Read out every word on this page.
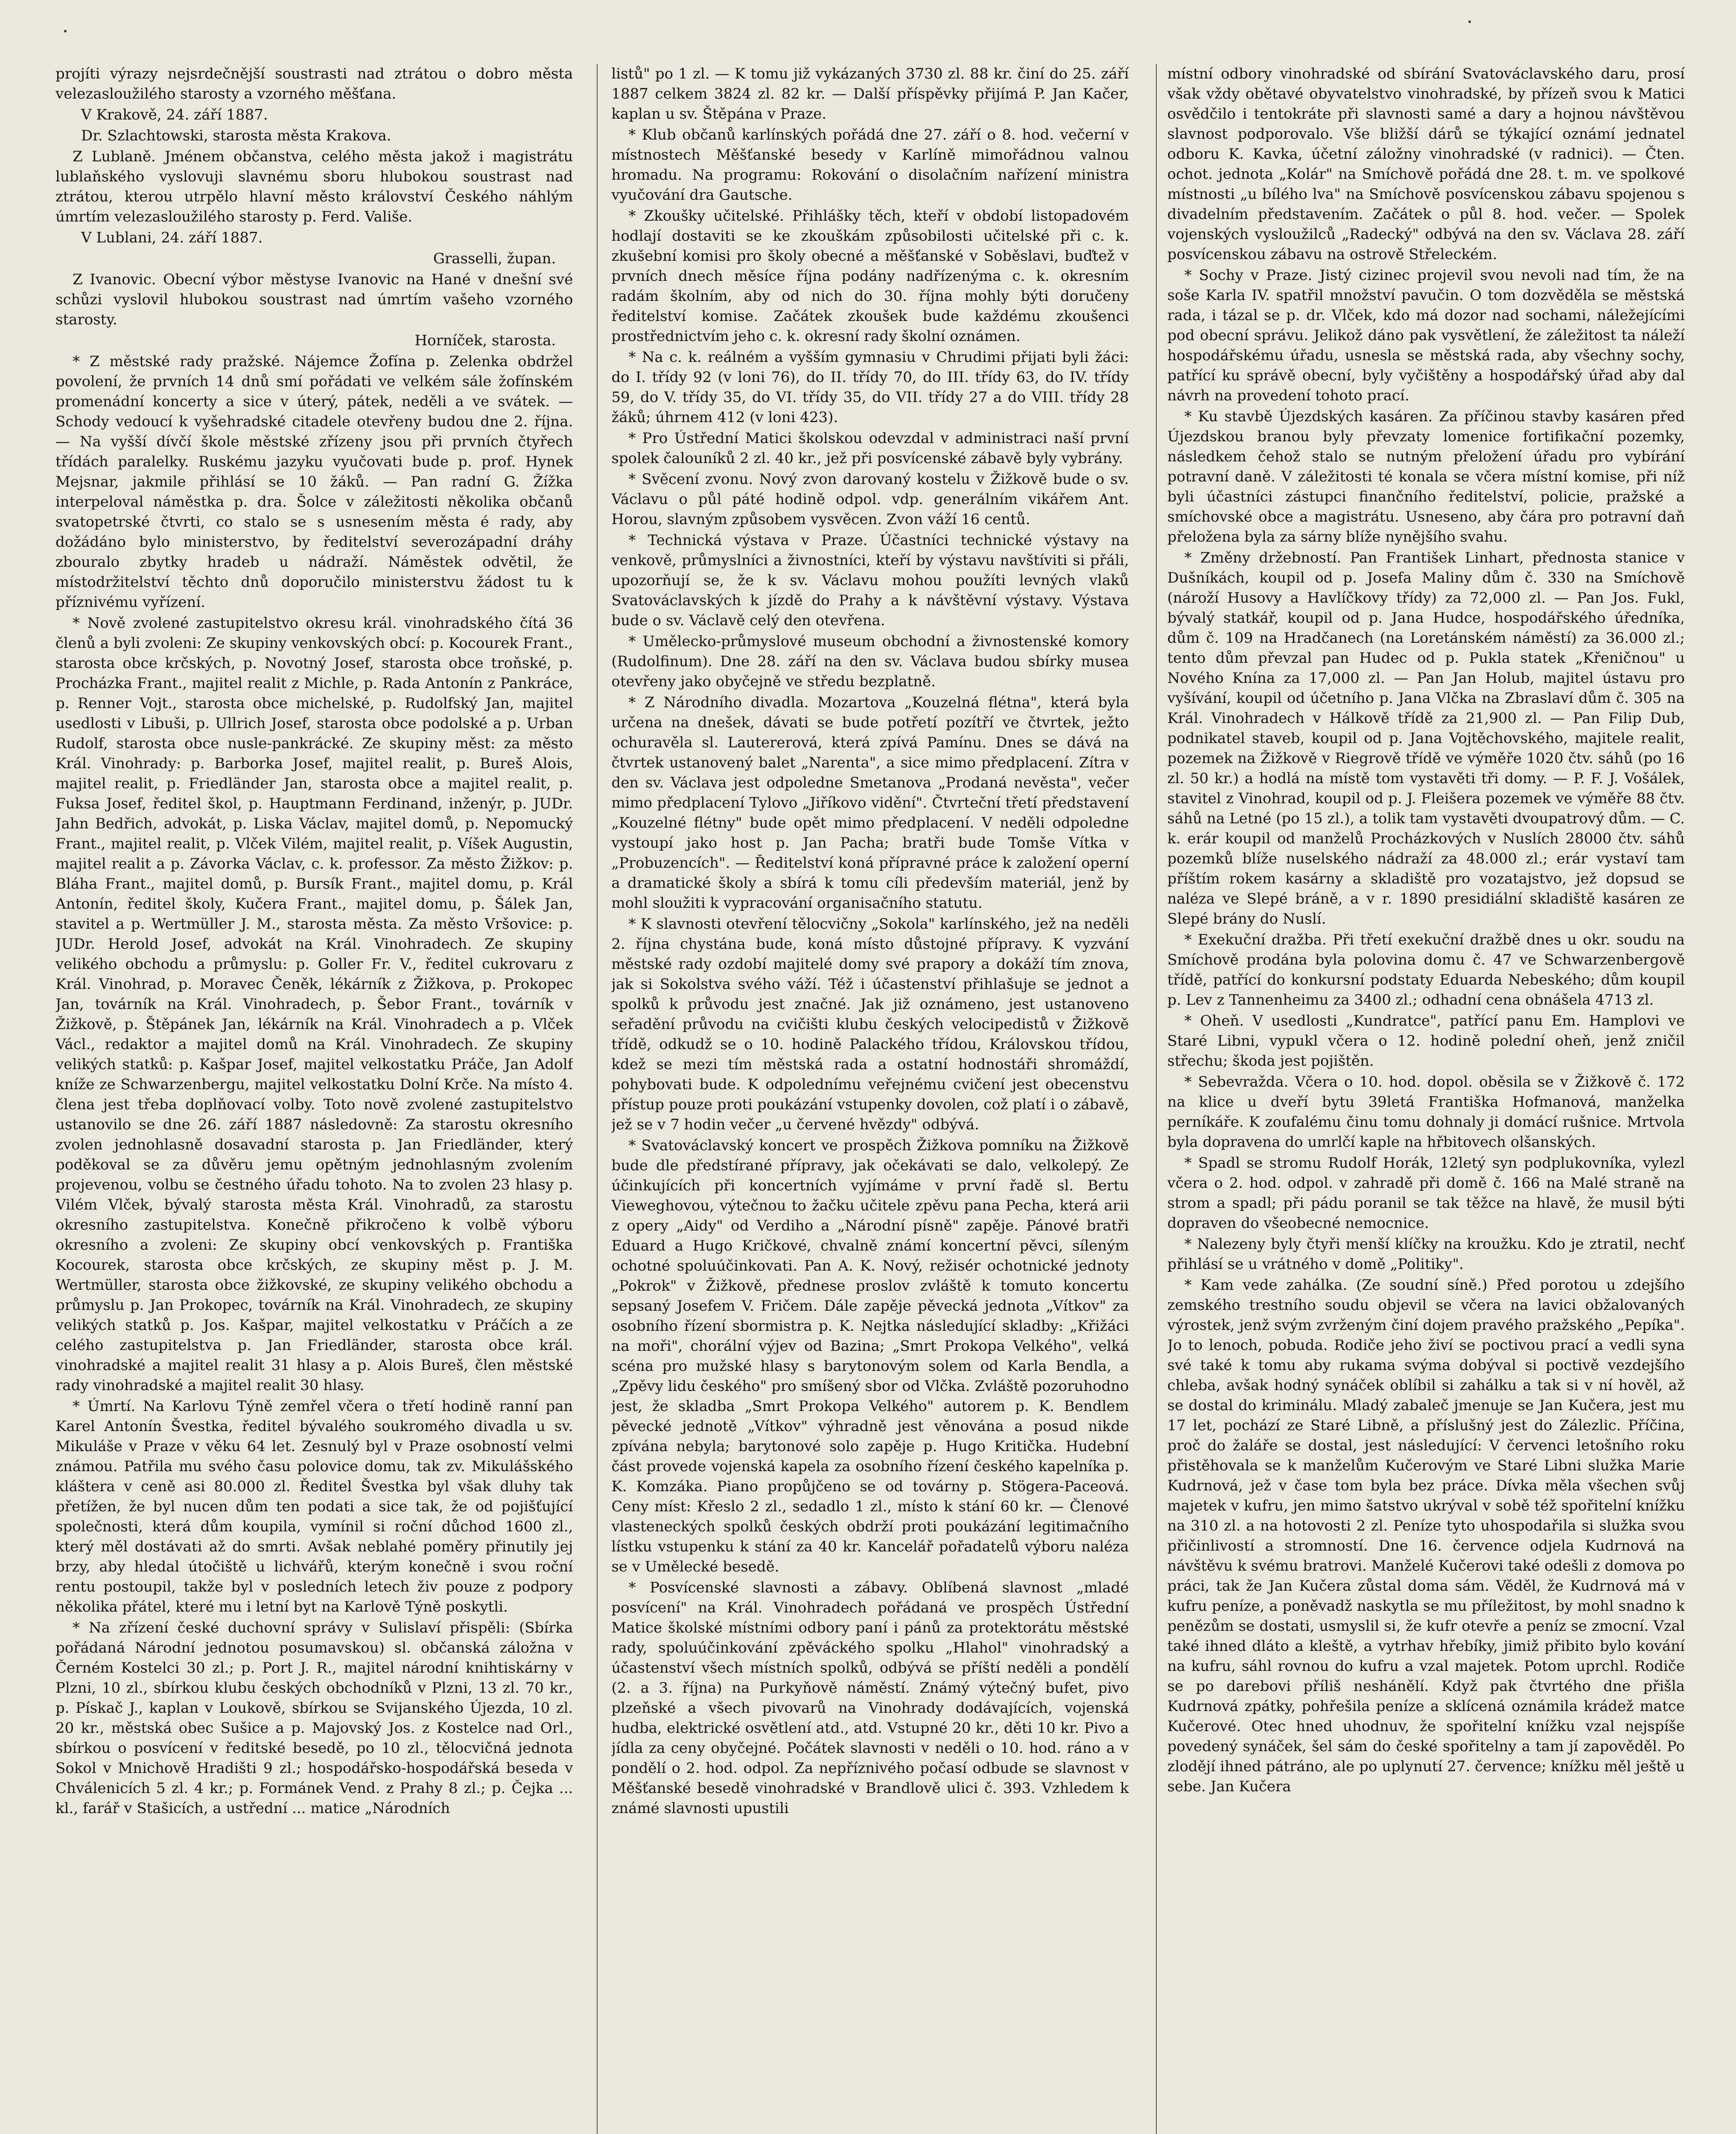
projíti výrazy nejsrdečnější soustrasti nad ztrátou o dobro města velezasloužilého starosty a vzorného měšťana.

V Krakově, 24. září 1887.

Dr. Szlachtowski, starosta města Krakova.

Z Lublaně. Jménem občanstva, celého města jakož i magistrátu lublaňského vyslovuji slavnému sboru hlubokou soustrast nad ztrátou, kterou utrpělo hlavní město království Českého náhlým úmrtím velezasloužilého starosty p. Ferd. Vališe.

V Lublani, 24. září 1887.

Grasselli, župan.

Z Ivanovic. Obecní výbor městyse Ivanovic na Hané v dnešní své schůzi vyslovil hlubokou soustrast nad úmrtím vašeho vzorného starosty.

Horníček, starosta.

* Z městské rady pražské. Nájemce Žofína p. Zelenka obdržel povolení, že prvních 14 dnů smí pořádati ve velkém sále žofínském promenádní koncerty a sice v úterý, pátek, neděli a ve svátek. — Schody vedoucí k vyšehradské citadele otevřeny budou dne 2. října. — Na vyšší dívčí škole městské zřízeny jsou při prvních čtyřech třídách paralelky. Ruskému jazyku vyučovati bude p. prof. Hynek Mejsnar, jakmile přihlásí se 10 žáků. — Pan radní G. Žížka interpeloval náměstka p. dra. Šolce v záležitosti několika občanů svatopetrské čtvrti, co stalo se s usnesením města é rady, aby dožádáno bylo ministerstvo, by ředitelství severozápadní dráhy zbouralo zbytky hradeb u nádraží. Náměstek odvětil, že místodržitelství těchto dnů doporučilo ministerstvu žádost tu k příznivému vyřízení.

* Nově zvolené zastupitelstvo okresu král. vinohradského čítá 36 členů a byli zvoleni: Ze skupiny venkovských obcí: p. Kocourek Frant., starosta obce krčských, p. Novotný Josef, starosta obce troňské, p. Procházka Frant., majitel realit z Michle, p. Rada Antonín z Pankráce, p. Renner Vojt., starosta obce michelské, p. Rudolfský Jan, majitel usedlosti v Libuši, p. Ullrich Josef, starosta obce podolské a p. Urban Rudolf, starosta obce nusle-pankrácké. Ze skupiny měst: za město Král. Vinohrady: p. Barborka Josef, majitel realit, p. Bureš Alois, majitel realit, p. Friedländer Jan, starosta obce a majitel realit, p. Fuksa Josef, ředitel škol, p. Hauptmann Ferdinand, inženýr, p. JUDr. Jahn Bedřich, advokát, p. Liska Václav, majitel domů, p. Nepomucký Frant., majitel realit, p. Vlček Vilém, majitel realit, p. Víšek Augustin, majitel realit a p. Závorka Václav, c. k. professor. Za město Žižkov: p. Bláha Frant., majitel domů, p. Bursík Frant., majitel domu, p. Král Antonín, ředitel školy, Kučera Frant., majitel domu, p. Šálek Jan, stavitel a p. Wertmüller J. M., starosta města. Za město Vršovice: p. JUDr. Herold Josef, advokát na Král. Vinohradech. Ze skupiny velikého obchodu a průmyslu: p. Goller Fr. V., ředitel cukrovaru z Král. Vinohrad, p. Moravec Čeněk, lékárník z Žižkova, p. Prokopec Jan, továrník na Král. Vinohradech, p. Šebor Frant., továrník v Žižkově, p. Štěpánek Jan, lékárník na Král. Vinohradech a p. Vlček Václ., redaktor a majitel domů na Král. Vinohradech. Ze skupiny velikých statků: p. Kašpar Josef, majitel velkostatku Práče, Jan Adolf kníže ze Schwarzenbergu, majitel velkostatku Dolní Krče. Na místo 4. člena jest třeba doplňovací volby. Toto nově zvolené zastupitelstvo ustanovilo se dne 26. září 1887 následovně: Za starostu okresního zvolen jednohlasně dosavadní starosta p. Jan Friedländer, který poděkoval se za důvěru jemu opětným jednohlasným zvolením projevenou, volbu se čestného úřadu tohoto. Na to zvolen 23 hlasy p. Vilém Vlček, bývalý starosta města Král. Vinohradů, za starostu okresního zastupitelstva. Konečně přikročeno k volbě výboru okresního a zvoleni: Ze skupiny obcí venkovských p. Františka Kocourek, starosta obce krčských, ze skupiny měst p. J. M. Wertmüller, starosta obce žižkovské, ze skupiny velikého obchodu a průmyslu p. Jan Prokopec, továrník na Král. Vinohradech, ze skupiny velikých statků p. Jos. Kašpar, majitel velkostatku v Práčích a ze celého zastupitelstva p. Jan Friedländer, starosta obce král. vinohradské a majitel realit 31 hlasy a p. Alois Bureš, člen městské rady vinohradské a majitel realit 30 hlasy.

* Úmrtí. Na Karlovu Týně zemřel včera o třetí hodině ranní pan Karel Antonín Švestka, ředitel bývalého soukromého divadla u sv. Mikuláše v Praze v věku 64 let. Zesnulý byl v Praze osobností velmi známou. Patřila mu svého času polovice domu, tak zv. Mikulášského kláštera v ceně asi 80.000 zl. Ředitel Švestka byl však dluhy tak přetížen, že byl nucen dům ten podati a sice tak, že od pojišťující společnosti, která dům koupila, vymínil si roční důchod 1600 zl., který měl dostávati až do smrti. Avšak neblahé poměry přinutily jej brzy, aby hledal útočiště u lichvářů, kterým konečně i svou roční rentu postoupil, takže byl v posledních letech živ pouze z podpory několika přátel, které mu i letní byt na Karlově Týně poskytli.

* Na zřízení české duchovní správy v Sulislaví přispěli: (Sbírka pořádaná Národní jednotou posumavskou) sl. občanská záložna v Černém Kostelci 30 zl.; p. Port J. R., majitel národní knihtiskárny v Plzni, 10 zl., sbírkou klubu českých obchodníků v Plzni, 13 zl. 70 kr., p. Pískač J., kaplan v Loukově, sbírkou se Svijanského Újezda, 10 zl. 20 kr., městská obec Sušice a p. Majovský Jos. z Kostelce nad Orl., sbírkou o posvícení v ředitské besedě, po 10 zl., tělocvičná jednota Sokol v Mnichově Hradišti 9 zl.; hospodářsko-hospodářská beseda v Chválenicích 5 zl. 4 kr.; p. Formánek Vend. z Prahy 8 zl.; p. Čejka ... kl., farář v Stašicích, a ustřední ... matice „Národních

listů" po 1 zl. — K tomu již vykázaných 3730 zl. 88 kr. činí do 25. září 1887 celkem 3824 zl. 82 kr. — Další příspěvky přijímá P. Jan Kačer, kaplan u sv. Štěpána v Praze.

* Klub občanů karlínských pořádá dne 27. září o 8. hod. večerní v místnostech Měšťanské besedy v Karlíně mimořádnou valnou hromadu. Na programu: Rokování o disolačním nařízení ministra vyučování dra Gautsche.

* Zkoušky učitelské. Přihlášky těch, kteří v období listopadovém hodlají dostaviti se ke zkouškám způsobilosti učitelské při c. k. zkušební komisi pro školy obecné a měšťanské v Soběslavi, buďtež v prvních dnech měsíce října podány nadřízenýma c. k. okresním radám školním, aby od nich do 30. října mohly býti doručeny ředitelství komise. Začátek zkoušek bude každému zkoušenci prostřednictvím jeho c. k. okresní rady školní oznámen.

* Na c. k. reálném a vyšším gymnasiu v Chrudimi přijati byli žáci: do I. třídy 92 (v loni 76), do II. třídy 70, do III. třídy 63, do IV. třídy 59, do V. třídy 35, do VI. třídy 35, do VII. třídy 27 a do VIII. třídy 28 žáků; úhrnem 412 (v loni 423).

* Pro Ústřední Matici školskou odevzdal v administraci naší první spolek čalouníků 2 zl. 40 kr., jež při posvícenské zábavě byly vybrány.

* Svěcení zvonu. Nový zvon darovaný kostelu v Žižkově bude o sv. Václavu o půl páté hodině odpol. vdp. generálním vikářem Ant. Horou, slavným způsobem vysvěcen. Zvon váží 16 centů.

* Technická výstava v Praze. Účastníci technické výstavy na venkově, průmyslníci a živnostníci, kteří by výstavu navštíviti si přáli, upozorňují se, že k sv. Václavu mohou použíti levných vlaků Svatováclavských k jízdě do Prahy a k návštěvní výstavy. Výstava bude o sv. Václavě celý den otevřena.

* Umělecko-průmyslové museum obchodní a živnostenské komory (Rudolfinum). Dne 28. září na den sv. Václava budou sbírky musea otevřeny jako obyčejně ve středu bezplatně.

* Z Národního divadla. Mozartova „Kouzelná flétna", která byla určena na dnešek, dávati se bude potřetí pozítří ve čtvrtek, ježto ochuravěla sl. Lautererová, která zpívá Pamínu. Dnes se dává na čtvrtek ustanovený balet „Narenta", a sice mimo předplacení. Zítra v den sv. Václava jest odpoledne Smetanova „Prodaná nevěsta", večer mimo předplacení Tylovo „Jiříkovo vidění". Čtvrteční třetí představení „Kouzelné flétny" bude opět mimo předplacení. V neděli odpoledne vystoupí jako host p. Jan Pacha; bratři bude Tomše Vítka v „Probuzencích". — Ředitelství koná přípravné práce k založení operní a dramatické školy a sbírá k tomu cíli především materiál, jenž by mohl sloužiti k vypracování organisačního statutu.

* K slavnosti otevření tělocvičny „Sokola" karlínského, jež na neděli 2. října chystána bude, koná místo důstojné přípravy. K vyzvání městské rady ozdobí majitelé domy své prapory a dokáží tím znova, jak si Sokolstva svého váží. Též i účastenství přihlašuje se jednot a spolků k průvodu jest značné. Jak již oznámeno, jest ustanoveno seřadění průvodu na cvičišti klubu českých velocipedistů v Žižkově třídě, odkudž se o 10. hodině Palackého třídou, Královskou třídou, kdež se mezi tím městská rada a ostatní hodnostáři shromáždí, pohybovati bude. K odpolednímu veřejnému cvičení jest obecenstvu přístup pouze proti poukázání vstupenky dovolen, což platí i o zábavě, jež se v 7 hodin večer „u červené hvězdy" odbývá.

* Svatováclavský koncert ve prospěch Žižkova pomníku na Žižkově bude dle předstírané přípravy, jak očekávati se dalo, velkolepý. Ze účinkujících při koncertních vyjímáme v první řadě sl. Bertu Vieweghovou, výtečnou to žačku učitele zpěvu pana Pecha, která arii z opery „Aidy" od Verdiho a „Národní písně" zapěje. Pánové bratři Eduard a Hugo Kričkové, chvalně známí koncertní pěvci, síleným ochotné spoluúčinkovati. Pan A. K. Nový, režisér ochotnické jednoty „Pokrok" v Žižkově, přednese proslov zvláště k tomuto koncertu sepsaný Josefem V. Fričem. Dále zapěje pěvecká jednota „Vítkov" za osobního řízení sbormistra p. K. Nejtka následující skladby: „Křižáci na moři", chorální výjev od Bazina; „Smrt Prokopa Velkého", velká scéna pro mužské hlasy s barytonovým solem od Karla Bendla, a „Zpěvy lidu českého" pro smíšený sbor od Vlčka. Zvláště pozoruhodno jest, že skladba „Smrt Prokopa Velkého" autorem p. K. Bendlem pěvecké jednotě „Vítkov" výhradně jest věnována a posud nikde zpívána nebyla; barytonové solo zapěje p. Hugo Kritička. Hudební část provede vojenská kapela za osobního řízení českého kapelníka p. K. Komzáka. Piano propůjčeno se od továrny p. Stögera-Paceová. Ceny míst: Křeslo 2 zl., sedadlo 1 zl., místo k stání 60 kr. — Členové vlasteneckých spolků českých obdrží proti poukázání legitimačního lístku vstupenku k stání za 40 kr. Kancelář pořadatelů výboru naléza se v Umělecké besedě.

* Posvícenské slavnosti a zábavy. Oblíbená slavnost „mladé posvícení" na Král. Vinohradech pořádaná ve prospěch Ústřední Matice školské místními odbory paní i pánů za protektorátu městské rady, spoluúčinkování zpěváckého spolku „Hlahol" vinohradský a účastenství všech místních spolků, odbývá se příští neděli a pondělí (2. a 3. října) na Purkyňově náměstí. Známý výtečný bufet, pivo plzeňské a všech pivovarů na Vinohrady dodávajících, vojenská hudba, elektrické osvětlení atd., atd. Vstupné 20 kr., děti 10 kr. Pivo a jídla za ceny obyčejné. Počátek slavnosti v neděli o 10. hod. ráno a v pondělí o 2. hod. odpol. Za nepříznivého počasí odbude se slavnost v Měšťanské besedě vinohradské v Brandlově ulici č. 393. Vzhledem k známé slavnosti upustili

místní odbory vinohradské od sbírání Svatováclavského daru, prosí však vždy obětavé obyvatelstvo vinohradské, by přízeň svou k Matici osvědčilo i tentokráte při slavnosti samé a dary a hojnou návštěvou slavnost podporovalo. Vše bližší dárů se týkající oznámí jednatel odboru K. Kavka, účetní záložny vinohradské (v radnici). — Čten. ochot. jednota „Kolár" na Smíchově pořádá dne 28. t. m. ve spolkové místnosti „u bílého lva" na Smíchově posvícenskou zábavu spojenou s divadelním představením. Začátek o půl 8. hod. večer. — Spolek vojenských vysloužilců „Radecký" odbývá na den sv. Václava 28. září posvícenskou zábavu na ostrově Střeleckém.

* Sochy v Praze. Jistý cizinec projevil svou nevoli nad tím, že na soše Karla IV. spatřil množství pavučin. O tom dozvěděla se městská rada, i tázal se p. dr. Vlček, kdo má dozor nad sochami, náležejícími pod obecní správu. Jelikož dáno pak vysvětlení, že záležitost ta náleží hospodářskému úřadu, usnesla se městská rada, aby všechny sochy, patřící ku správě obecní, byly vyčištěny a hospodářský úřad aby dal návrh na provedení tohoto prací.

* Ku stavbě Újezdských kasáren. Za příčinou stavby kasáren před Újezdskou branou byly převzaty lomenice fortifikační pozemky, následkem čehož stalo se nutným přeložení úřadu pro vybírání potravní daně. V záležitosti té konala se včera místní komise, při níž byli účastníci zástupci finančního ředitelství, policie, pražské a smíchovské obce a magistrátu. Usneseno, aby čára pro potravní daň přeložena byla za sárny blíže nynějšího svahu.

* Změny držebností. Pan František Linhart, přednosta stanice v Dušníkách, koupil od p. Josefa Maliny dům č. 330 na Smíchově (nároží Husovy a Havlíčkovy třídy) za 72,000 zl. — Pan Jos. Fukl, bývalý statkář, koupil od p. Jana Hudce, hospodářského úředníka, dům č. 109 na Hradčanech (na Loretánském náměstí) za 36.000 zl.; tento dům převzal pan Hudec od p. Pukla statek „Křeničnou" u Nového Knína za 17,000 zl. — Pan Jan Holub, majitel ústavu pro vyšívání, koupil od účetního p. Jana Vlčka na Zbraslaví dům č. 305 na Král. Vinohradech v Hálkově třídě za 21,900 zl. — Pan Filip Dub, podnikatel staveb, koupil od p. Jana Vojtěchovského, majitele realit, pozemek na Žižkově v Riegrově třídě ve výměře 1020 čtv. sáhů (po 16 zl. 50 kr.) a hodlá na místě tom vystavěti tři domy. — P. F. J. Vošálek, stavitel z Vinohrad, koupil od p. J. Fleišera pozemek ve výměře 88 čtv. sáhů na Letné (po 15 zl.), a tolik tam vystavěti dvoupatrový dům. — C. k. erár koupil od manželů Procházkových v Nuslích 28000 čtv. sáhů pozemků blíže nuselského nádraží za 48.000 zl.; erár vystaví tam příštím rokem kasárny a skladiště pro vozatajstvo, jež dopsud se naléza ve Slepé bráně, a v r. 1890 presidiální skladiště kasáren ze Slepé brány do Nuslí.

* Exekuční dražba. Při třetí exekuční dražbě dnes u okr. soudu na Smíchově prodána byla polovina domu č. 47 ve Schwarzenbergově třídě, patřící do konkursní podstaty Eduarda Nebeského; dům koupil p. Lev z Tannenheimu za 3400 zl.; odhadní cena obnášela 4713 zl.

* Oheň. V usedlosti „Kundratce", patřící panu Em. Hamplovi ve Staré Libni, vypukl včera o 12. hodině polední oheň, jenž zničil střechu; škoda jest pojištěn.

* Sebevražda. Včera o 10. hod. dopol. oběsila se v Žižkově č. 172 na klice u dveří bytu 39letá Františka Hofmanová, manželka perníkáře. K zoufalému činu tomu dohnaly ji domácí rušnice. Mrtvola byla dopravena do umrlčí kaple na hřbitovech olšanských.

* Spadl se stromu Rudolf Horák, 12letý syn podplukovníka, vylezl včera o 2. hod. odpol. v zahradě při domě č. 166 na Malé straně na strom a spadl; při pádu poranil se tak těžce na hlavě, že musil býti dopraven do všeobecné nemocnice.

* Nalezeny byly čtyři menší klíčky na kroužku. Kdo je ztratil, nechť přihlásí se u vrátného v domě „Politiky".

* Kam vede zahálka. (Ze soudní síně.) Před porotou u zdejšího zemského trestního soudu objevil se včera na lavici obžalovaných výrostek, jenž svým zvrženým činí dojem pravého pražského „Pepíka". Jo to lenoch, pobuda. Rodiče jeho živí se poctivou prací a vedli syna své také k tomu aby rukama svýma dobýval si poctivě vezdejšího chleba, avšak hodný synáček oblíbil si zahálku a tak si v ní hověl, až se dostal do kriminálu. Mladý zabaleč jmenuje se Jan Kučera, jest mu 17 let, pochází ze Staré Libně, a příslušný jest do Zálezlic. Příčina, proč do žaláře se dostal, jest následující: V červenci letošního roku přistěhovala se k manželům Kučerovým ve Staré Libni služka Marie Kudrnová, jež v čase tom byla bez práce. Dívka měla všechen svůj majetek v kufru, jen mimo šatstvo ukrýval v sobě též spořitelní knížku na 310 zl. a na hotovosti 2 zl. Peníze tyto uhospodařila si služka svou přičinlivostí a stromností. Dne 16. července odjela Kudrnová na návštěvu k svému bratrovi. Manželé Kučerovi také odešli z domova po práci, tak že Jan Kučera zůstal doma sám. Věděl, že Kudrnová má v kufru peníze, a poněvadž naskytla se mu příležitost, by mohl snadno k penězům se dostati, usmyslil si, že kufr otevře a peníz se zmocní. Vzal také ihned dláto a kleště, a vytrhav hřebíky, jimiž přibito bylo kování na kufru, sáhl rovnou do kufru a vzal majetek. Potom uprchl. Rodiče se po darebovi příliš neshánělí. Když pak čtvrtého dne přišla Kudrnová zpátky, pohřešila peníze a sklícená oznámila krádež matce Kučerové. Otec hned uhodnuv, že spořitelní knížku vzal nejspíše povedený synáček, šel sám do české spořitelny a tam jí zapověděl. Po zlodějí ihned pátráno, ale po uplynutí 27. července; knížku měl ještě u sebe. Jan Kučera
